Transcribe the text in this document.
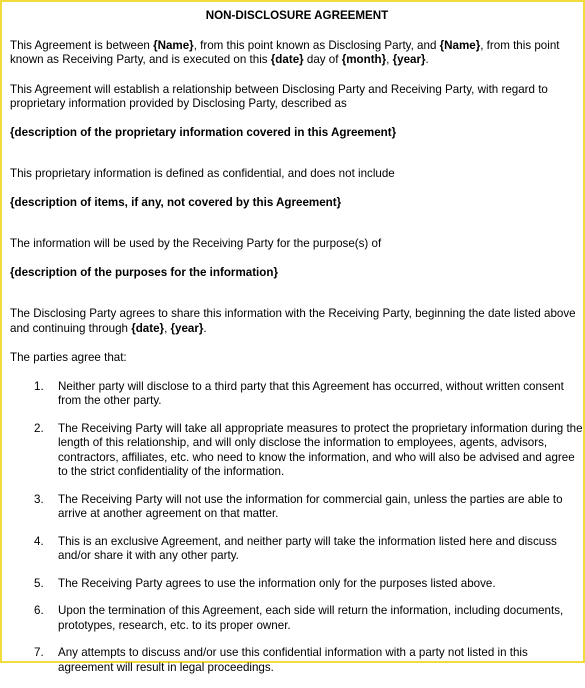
NON-DISCLOSURE AGREEMENT

This Agreement is between {Name}, from this point known as Disclosing Party, and {Name}, from this point known as Receiving Party, and is executed on this {date} day of {month}, {year}.

This Agreement will establish a relationship between Disclosing Party and Receiving Party, with regard to proprietary information provided by Disclosing Party, described as

{description of the proprietary information covered in this Agreement}

This proprietary information is defined as confidential, and does not include

{description of items, if any, not covered by this Agreement}

The information will be used by the Receiving Party for the purpose(s) of

{description of the purposes for the information}

The Disclosing Party agrees to share this information with the Receiving Party, beginning the date listed above and continuing through {date}, {year}.

The parties agree that:

1. Neither party will disclose to a third party that this Agreement has occurred, without written consent from the other party.
2. The Receiving Party will take all appropriate measures to protect the proprietary information during the length of this relationship, and will only disclose the information to employees, agents, advisors, contractors, affiliates, etc. who need to know the information, and who will also be advised and agree to the strict confidentiality of the information.
3. The Receiving Party will not use the information for commercial gain, unless the parties are able to arrive at another agreement on that matter.
4. This is an exclusive Agreement, and neither party will take the information listed here and discuss and/or share it with any other party.
5. The Receiving Party agrees to use the information only for the purposes listed above.
6. Upon the termination of this Agreement, each side will return the information, including documents, prototypes, research, etc. to its proper owner.
7. Any attempts to discuss and/or use this confidential information with a party not listed in this agreement will result in legal proceedings.
